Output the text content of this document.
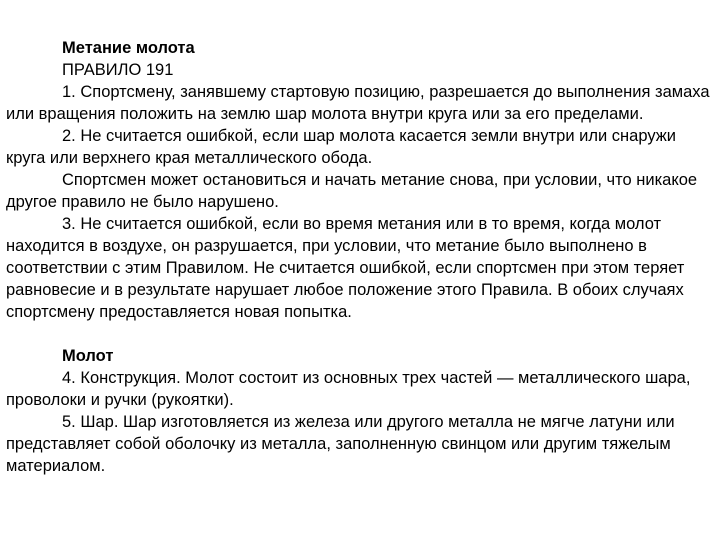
Метание молота

ПРАВИЛО 191

1. Спортсмену, занявшему стартовую позицию, разрешается до выполнения замаха или вращения положить на землю шар молота внутри круга или за его пределами.

2. Не считается ошибкой, если шар молота касается земли внутри или снаружи круга или верхнего края металлического обода.

Спортсмен может остановиться и начать метание снова, при условии, что никакое другое правило не было нарушено.

3. Не считается ошибкой, если во время метания или в то время, когда молот находится в воздухе, он разрушается, при условии, что метание было выполнено в соответствии с этим Правилом. Не считается ошибкой, если спортсмен при этом теряет равновесие и в результате нарушает любое положение этого Правила. В обоих случаях спортсмену предоставляется новая попытка.

Молот

4. Конструкция. Молот состоит из основных трех частей — металлического шара, проволоки и ручки (рукоятки).

5. Шар. Шар изготовляется из железа или другого металла не мягче латуни или представляет собой оболочку из металла, заполненную свинцом или другим тяжелым материалом.
